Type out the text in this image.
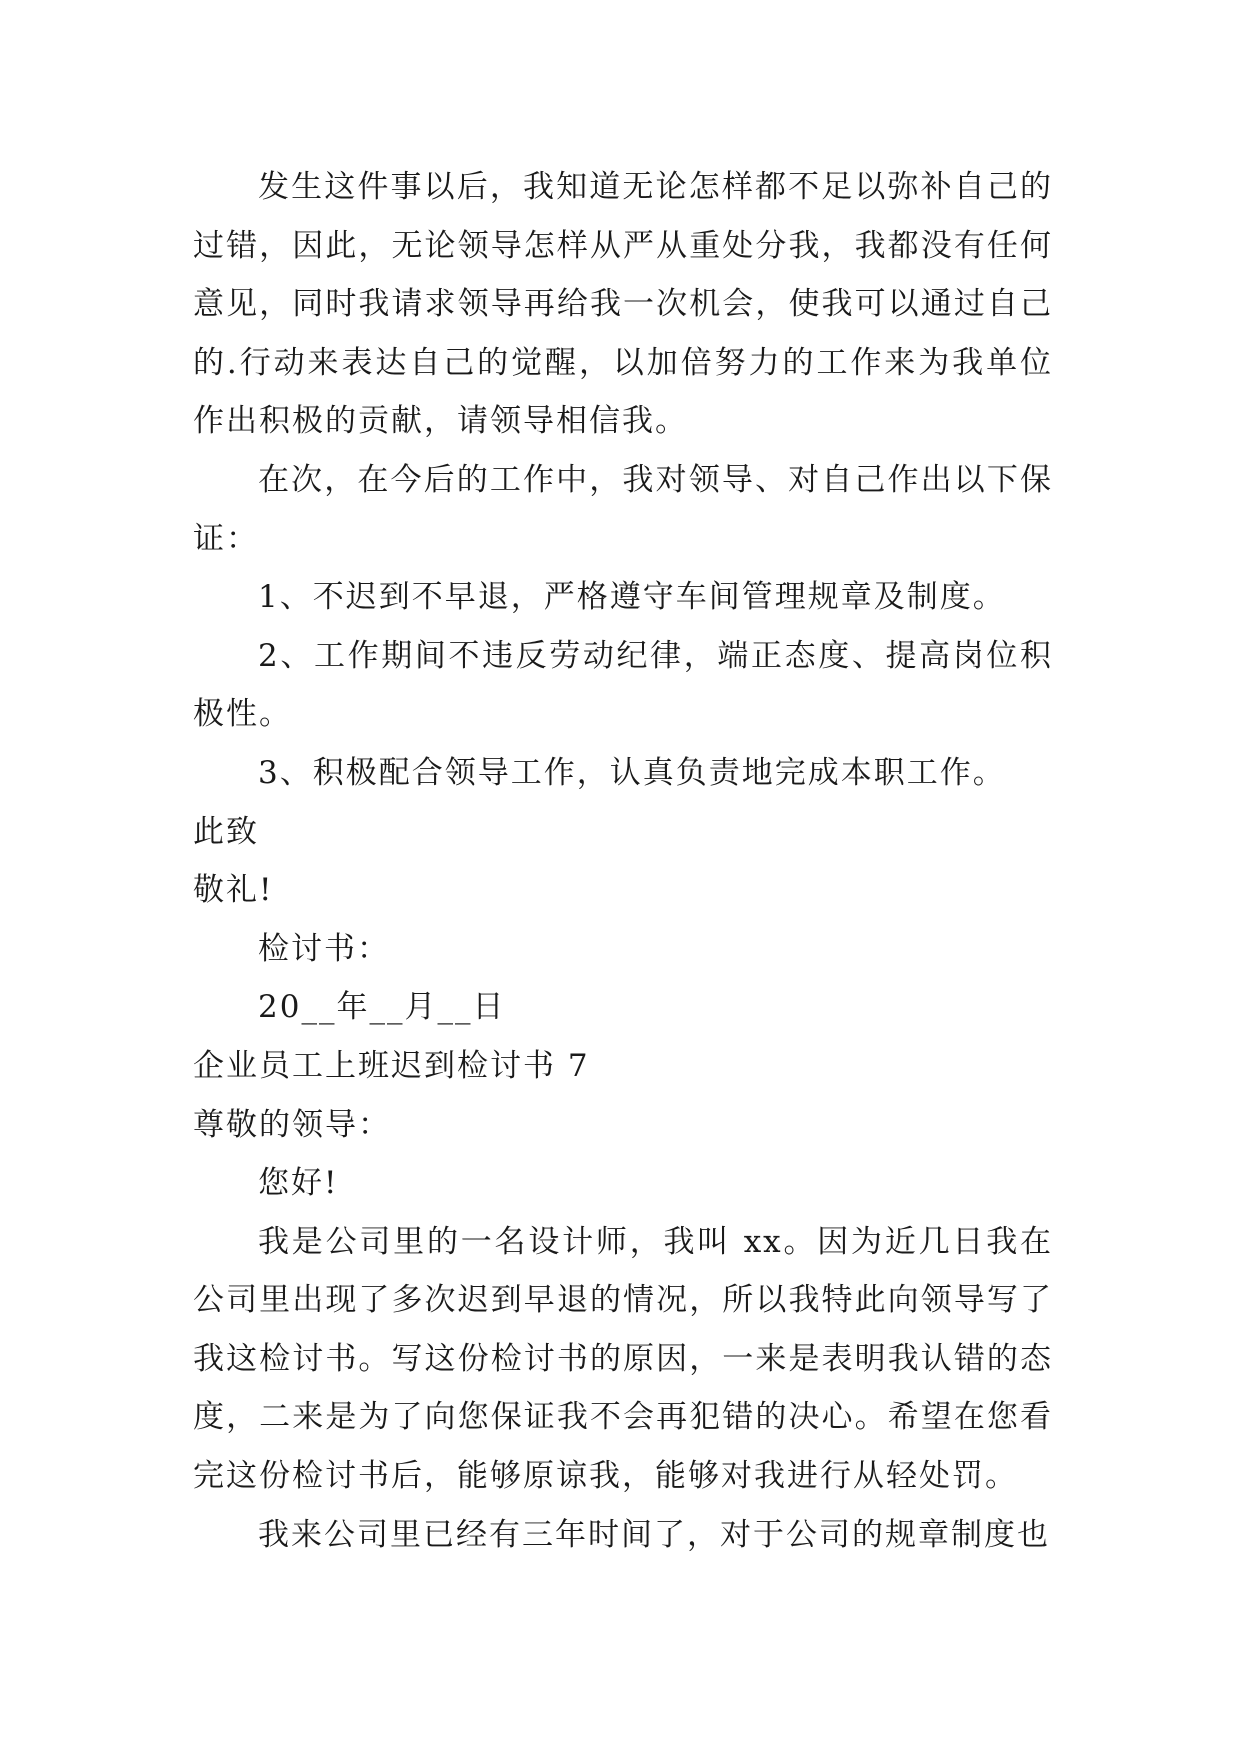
发生这件事以后，我知道无论怎样都不足以弥补自己的过错，因此，无论领导怎样从严从重处分我，我都没有任何意见，同时我请求领导再给我一次机会，使我可以通过自己的.行动来表达自己的觉醒，以加倍努力的工作来为我单位作出积极的贡献，请领导相信我。

在次，在今后的工作中，我对领导、对自己作出以下保证：

1、不迟到不早退，严格遵守车间管理规章及制度。

2、工作期间不违反劳动纪律，端正态度、提高岗位积极性。

3、积极配合领导工作，认真负责地完成本职工作。

此致

敬礼!

检讨书：

20__年__月__日

企业员工上班迟到检讨书 7

尊敬的领导：

您好!

我是公司里的一名设计师，我叫 xx。因为近几日我在公司里出现了多次迟到早退的情况，所以我特此向领导写了我这检讨书。写这份检讨书的原因，一来是表明我认错的态度，二来是为了向您保证我不会再犯错的决心。希望在您看完这份检讨书后，能够原谅我，能够对我进行从轻处罚。

我来公司里已经有三年时间了，对于公司的规章制度也
